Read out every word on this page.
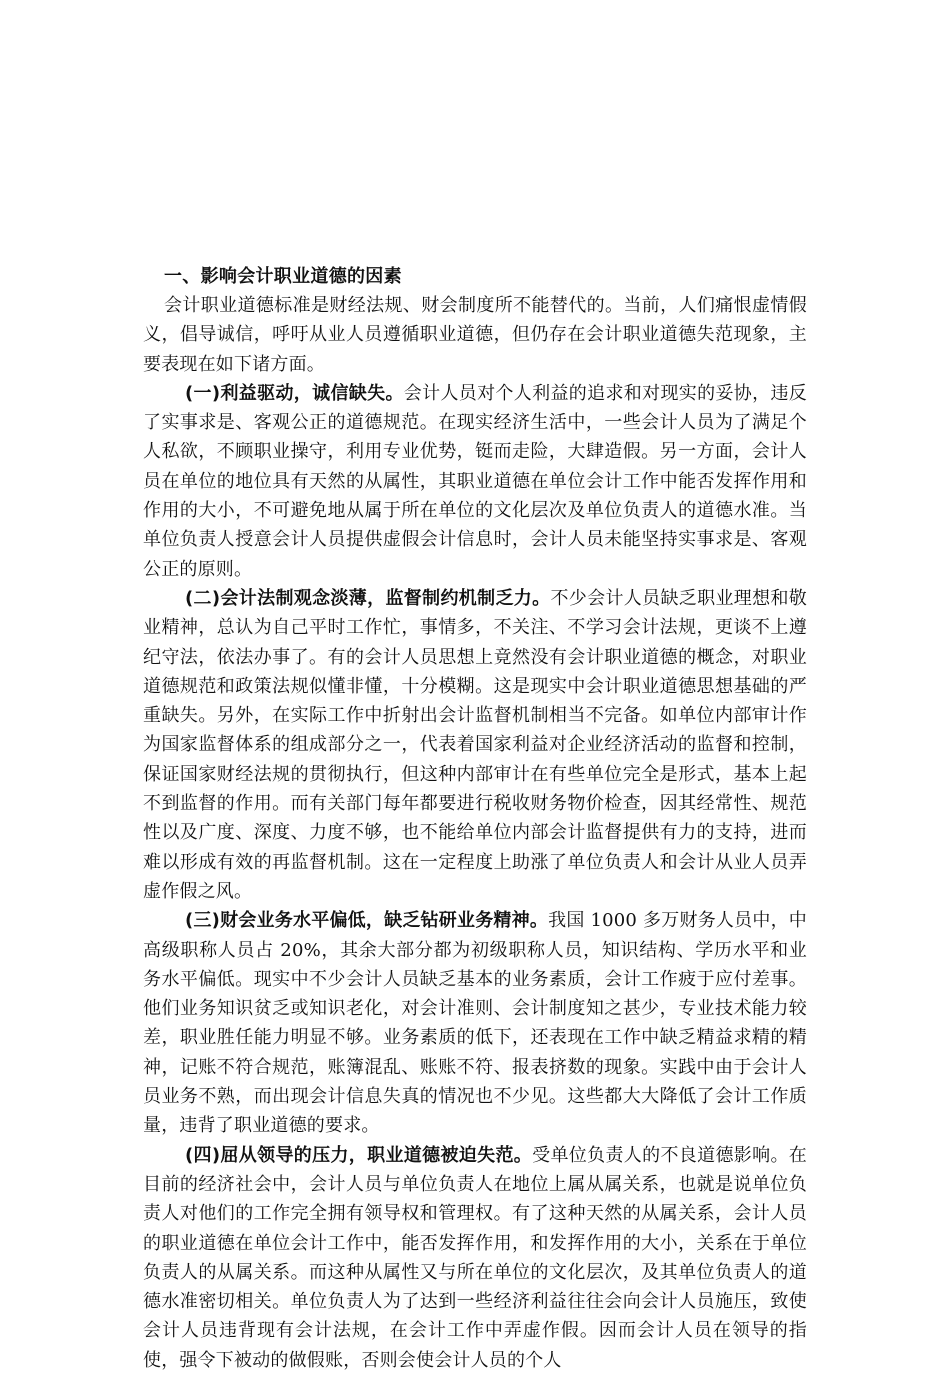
一、影响会计职业道德的因素

会计职业道德标准是财经法规、财会制度所不能替代的。当前，人们痛恨虚情假义，倡导诚信，呼吁从业人员遵循职业道德，但仍存在会计职业道德失范现象，主要表现在如下诸方面。

(一)利益驱动，诚信缺失。会计人员对个人利益的追求和对现实的妥协，违反了实事求是、客观公正的道德规范。在现实经济生活中，一些会计人员为了满足个人私欲，不顾职业操守，利用专业优势，铤而走险，大肆造假。另一方面，会计人员在单位的地位具有天然的从属性，其职业道德在单位会计工作中能否发挥作用和作用的大小，不可避免地从属于所在单位的文化层次及单位负责人的道德水准。当单位负责人授意会计人员提供虚假会计信息时，会计人员未能坚持实事求是、客观公正的原则。

(二)会计法制观念淡薄，监督制约机制乏力。不少会计人员缺乏职业理想和敬业精神，总认为自己平时工作忙，事情多，不关注、不学习会计法规，更谈不上遵纪守法，依法办事了。有的会计人员思想上竟然没有会计职业道德的概念，对职业道德规范和政策法规似懂非懂，十分模糊。这是现实中会计职业道德思想基础的严重缺失。另外，在实际工作中折射出会计监督机制相当不完备。如单位内部审计作为国家监督体系的组成部分之一，代表着国家利益对企业经济活动的监督和控制，保证国家财经法规的贯彻执行，但这种内部审计在有些单位完全是形式，基本上起不到监督的作用。而有关部门每年都要进行税收财务物价检查，因其经常性、规范性以及广度、深度、力度不够，也不能给单位内部会计监督提供有力的支持，进而难以形成有效的再监督机制。这在一定程度上助涨了单位负责人和会计从业人员弄虚作假之风。

(三)财会业务水平偏低，缺乏钻研业务精神。我国 1000 多万财务人员中，中高级职称人员占 20%，其余大部分都为初级职称人员，知识结构、学历水平和业务水平偏低。现实中不少会计人员缺乏基本的业务素质，会计工作疲于应付差事。他们业务知识贫乏或知识老化，对会计准则、会计制度知之甚少，专业技术能力较差，职业胜任能力明显不够。业务素质的低下，还表现在工作中缺乏精益求精的精神，记账不符合规范，账簿混乱、账账不符、报表挤数的现象。实践中由于会计人员业务不熟，而出现会计信息失真的情况也不少见。这些都大大降低了会计工作质量，违背了职业道德的要求。

(四)屈从领导的压力，职业道德被迫失范。受单位负责人的不良道德影响。在目前的经济社会中，会计人员与单位负责人在地位上属从属关系，也就是说单位负责人对他们的工作完全拥有领导权和管理权。有了这种天然的从属关系，会计人员的职业道德在单位会计工作中，能否发挥作用，和发挥作用的大小，关系在于单位负责人的从属关系。而这种从属性又与所在单位的文化层次，及其单位负责人的道德水准密切相关。单位负责人为了达到一些经济利益往往会向会计人员施压，致使会计人员违背现有会计法规，在会计工作中弄虚作假。因而会计人员在领导的指使，强令下被动的做假账，否则会使会计人员的个人
